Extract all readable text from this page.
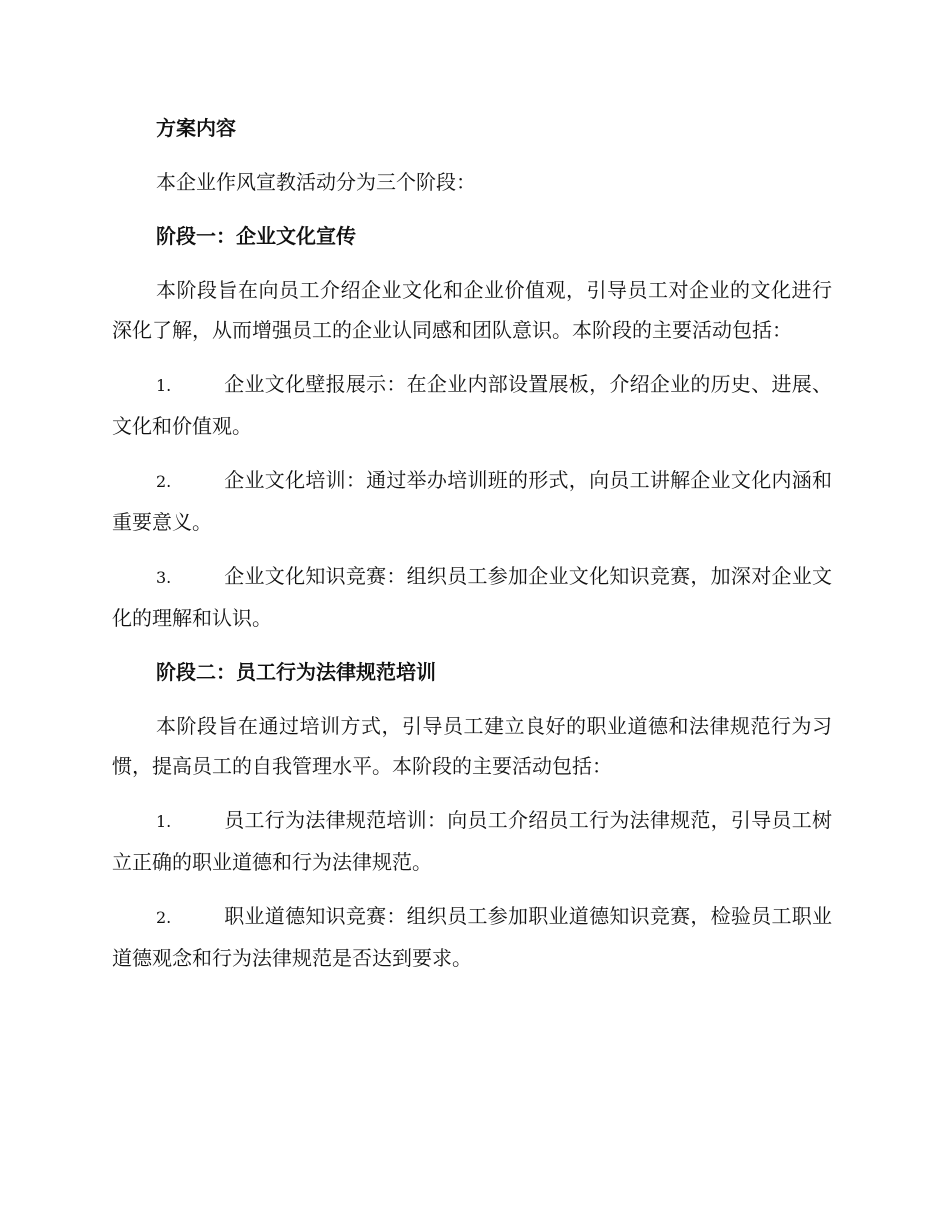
方案内容
本企业作风宣教活动分为三个阶段：
阶段一：企业文化宣传
本阶段旨在向员工介绍企业文化和企业价值观，引导员工对企业的文化进行深化了解，从而增强员工的企业认同感和团队意识。本阶段的主要活动包括：
1.	企业文化壁报展示：在企业内部设置展板，介绍企业的历史、进展、文化和价值观。
2.	企业文化培训：通过举办培训班的形式，向员工讲解企业文化内涵和重要意义。
3.	企业文化知识竞赛：组织员工参加企业文化知识竞赛，加深对企业文化的理解和认识。
阶段二：员工行为法律规范培训
本阶段旨在通过培训方式，引导员工建立良好的职业道德和法律规范行为习惯，提高员工的自我管理水平。本阶段的主要活动包括：
1.	员工行为法律规范培训：向员工介绍员工行为法律规范，引导员工树立正确的职业道德和行为法律规范。
2.	职业道德知识竞赛：组织员工参加职业道德知识竞赛，检验员工职业道德观念和行为法律规范是否达到要求。
